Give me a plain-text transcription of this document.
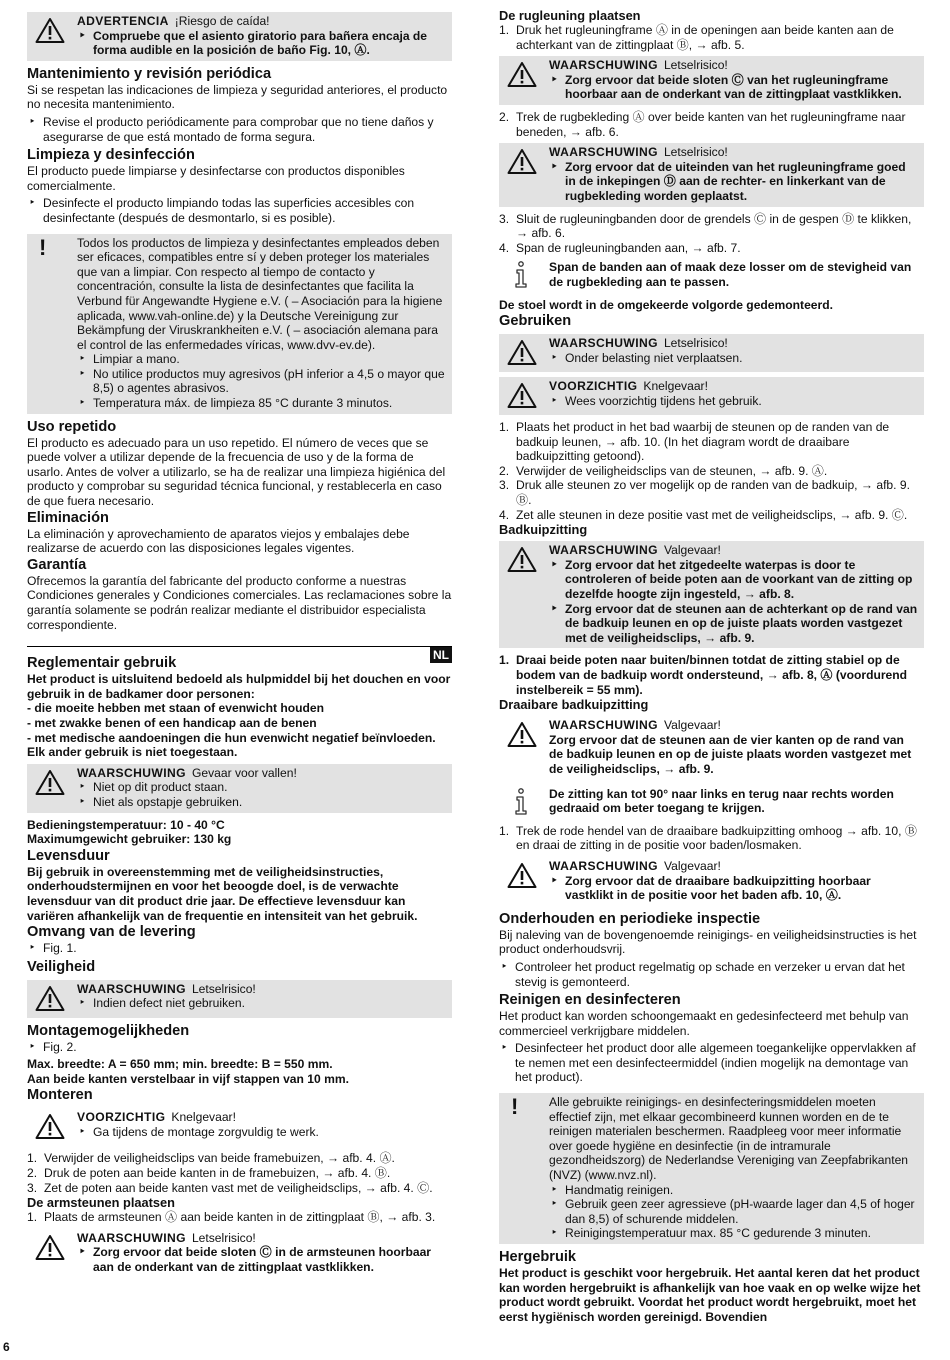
ADVERTENCIA ¡Riesgo de caída!

‣ Compruebe que el asiento giratorio para bañera encaja de forma audible en la posición de baño Fig. 10, Ⓐ.

Mantenimiento y revisión periódica

Si se respetan las indicaciones de limpieza y seguridad anteriores, el producto no necesita mantenimiento.

‣ Revise el producto periódicamente para comprobar que no tiene daños y asegurarse de que está montado de forma segura.

Limpieza y desinfección

El producto puede limpiarse y desinfectarse con productos disponibles comercialmente.

‣ Desinfecte el producto limpiando todas las superficies accesibles con desinfectante (después de desmontarlo, si es posible).

!	Todos los productos de limpieza y desinfectantes empleados deben ser eficaces, compatibles entre sí y deben proteger los materiales que van a limpiar. Con respecto al tiempo de contacto y concentración, consulte la lista de desinfectantes que facilita la Verbund für Angewandte Hygiene e.V. ( – Asociación para la higiene aplicada, www.vah-online.de) y la Deutsche Vereinigung zur Bekämpfung der Viruskrankheiten e.V. ( – asociación alemana para el control de las enfermedades víricas, www.dvv-ev.de).

‣ Limpiar a mano.

‣ No utilice productos muy agresivos (pH inferior a 4,5 o mayor que 8,5) o agentes abrasivos.

‣ Temperatura máx. de limpieza 85 °C durante 3 minutos.

Uso repetido

El producto es adecuado para un uso repetido. El número de veces que se puede volver a utilizar depende de la frecuencia de uso y de la forma de usarlo. Antes de volver a utilizarlo, se ha de realizar una limpieza higiénica del producto y comprobar su seguridad técnica funcional, y restablecerla en caso de que fuera necesario.

Eliminación

La eliminación y aprovechamiento de aparatos viejos y embalajes debe realizarse de acuerdo con las disposiciones legales vigentes.

Garantía

Ofrecemos la garantía del fabricante del producto conforme a nuestras Condiciones generales y Condiciones comerciales. Las reclamaciones sobre la garantía solamente se podrán realizar mediante el distribuidor especialista correspondiente.

NL
Reglementair gebruik

Het product is uitsluitend bedoeld als hulpmiddel bij het douchen en voor gebruik in de badkamer door personen:

- die moeite hebben met staan of evenwicht houden

- met zwakke benen of een handicap aan de benen

- met medische aandoeningen die hun evenwicht negatief beïnvloeden.

Elk ander gebruik is niet toegestaan.

WAARSCHUWING Gevaar voor vallen!

‣ Niet op dit product staan.

‣ Niet als opstapje gebruiken.

Bedieningstemperatuur: 10 - 40 °C

Maximumgewicht gebruiker: 130 kg

Levensduur

Bij gebruik in overeenstemming met de veiligheidsinstructies, onderhoudstermijnen en voor het beoogde doel, is de verwachte levensduur van dit product drie jaar. De effectieve levensduur kan variëren afhankelijk van de frequentie en intensiteit van het gebruik.

Omvang van de levering

‣ Fig. 1.

Veiligheid
WAARSCHUWING Letselrisico!

‣ Indien defect niet gebruiken.

Montagemogelijkheden

‣ Fig. 2.

Max. breedte: A = 650 mm; min. breedte: B = 550 mm.

Aan beide kanten verstelbaar in vijf stappen van 10 mm.

Monteren
VOORZICHTIG Knelgevaar!

‣ Ga tijdens de montage zorgvuldig te werk.

1. Verwijder de veiligheidsclips van beide framebuizen, → afb. 4. Ⓐ.

2. Druk de poten aan beide kanten in de framebuizen, → afb. 4. Ⓑ.

3. Zet de poten aan beide kanten vast met de veiligheidsclips, → afb. 4. Ⓒ.

De armsteunen plaatsen

1. Plaats de armsteunen Ⓐ aan beide kanten in de zittingplaat Ⓑ, → afb. 3.

WAARSCHUWING Letselrisico!

‣ Zorg ervoor dat beide sloten Ⓒ in de armsteunen hoorbaar aan de onderkant van de zittingplaat vastklikken.

De rugleuning plaatsen

1. Druk het rugleuningframe Ⓐ in de openingen aan beide kanten aan de achterkant van de zittingplaat Ⓑ, → afb. 5.

WAARSCHUWING Letselrisico!

‣ Zorg ervoor dat beide sloten Ⓒ van het rugleuningframe hoorbaar aan de onderkant van de zittingplaat vastklikken.

2. Trek de rugbekleding Ⓐ over beide kanten van het rugleuningframe naar beneden, → afb. 6.

WAARSCHUWING Letselrisico!

‣ Zorg ervoor dat de uiteinden van het rugleuningframe goed in de inkepingen Ⓓ aan de rechter- en linkerkant van de rugbekleding worden geplaatst.

3. Sluit de rugleuningbanden door de grendels Ⓒ in de gespen Ⓓ te klikken, → afb. 6.

4. Span de rugleuningbanden aan, → afb. 7.

Span de banden aan of maak deze losser om de stevigheid van de rugbekleding aan te passen.

De stoel wordt in de omgekeerde volgorde gedemonteerd.

Gebruiken
WAARSCHUWING Letselrisico!

‣ Onder belasting niet verplaatsen.

VOORZICHTIG Knelgevaar!

‣ Wees voorzichtig tijdens het gebruik.

1. Plaats het product in het bad waarbij de steunen op de randen van de badkuip leunen, → afb. 10. (In het diagram wordt de draaibare badkuipzitting getoond).

2. Verwijder de veiligheidsclips van de steunen, → afb. 9. Ⓐ.

3. Druk alle steunen zo ver mogelijk op de randen van de badkuip, → afb. 9. Ⓑ.

4. Zet alle steunen in deze positie vast met de veiligheidsclips, → afb. 9. Ⓒ.

Badkuipzitting
WAARSCHUWING Valgevaar!

‣ Zorg ervoor dat het zitgedeelte waterpas is door te controleren of beide poten aan de voorkant van de zitting op dezelfde hoogte zijn ingesteld, → afb. 8.

‣ Zorg ervoor dat de steunen aan de achterkant op de rand van de badkuip leunen en op de juiste plaats worden vastgezet met de veiligheidsclips, → afb. 9.

1. Draai beide poten naar buiten/binnen totdat de zitting stabiel op de bodem van de badkuip wordt ondersteund, → afb. 8, Ⓐ (voordurend instelbereik = 55 mm).

Draaibare badkuipzitting
WAARSCHUWING Valgevaar!

Zorg ervoor dat de steunen aan de vier kanten op de rand van de badkuip leunen en op de juiste plaats worden vastgezet met de veiligheidsclips, → afb. 9.

De zitting kan tot 90° naar links en terug naar rechts worden gedraaid om beter toegang te krijgen.

1. Trek de rode hendel van de draaibare badkuipzitting omhoog → afb. 10, Ⓑ en draai de zitting in de positie voor baden/losmaken.

WAARSCHUWING Valgevaar!

‣ Zorg ervoor dat de draaibare badkuipzitting hoorbaar vastklikt in de positie voor het baden afb. 10, Ⓐ.

Onderhouden en periodieke inspectie

Bij naleving van de bovengenoemde reinigings- en veiligheidsinstructies is het product onderhoudsvrij.

‣ Controleer het product regelmatig op schade en verzeker u ervan dat het stevig is gemonteerd.

Reinigen en desinfecteren

Het product kan worden schoongemaakt en gedesinfecteerd met behulp van commercieel verkrijgbare middelen.

‣ Desinfecteer het product door alle algemeen toegankelijke oppervlakken af te nemen met een desinfecteermiddel (indien mogelijk na demontage van het product).

!	Alle gebruikte reinigings- en desinfecteringsmiddelen moeten effectief zijn, met elkaar gecombineerd kunnen worden en de te reinigen materialen beschermen. Raadpleeg voor meer informatie over goede hygiëne en desinfectie (in de intramurale gezondheidszorg) de Nederlandse Vereniging van Zeepfabrikanten (NVZ) (www.nvz.nl).

‣ Handmatig reinigen.

‣ Gebruik geen zeer agressieve (pH-waarde lager dan 4,5 of hoger dan 8,5) of schurende middelen.

‣ Reinigingstemperatuur max. 85 °C gedurende 3 minuten.

Hergebruik

Het product is geschikt voor hergebruik. Het aantal keren dat het product kan worden hergebruikt is afhankelijk van hoe vaak en op welke wijze het product wordt gebruikt. Voordat het product wordt hergebruikt, moet het eerst hygiënisch worden gereinigd. Bovendien

6
